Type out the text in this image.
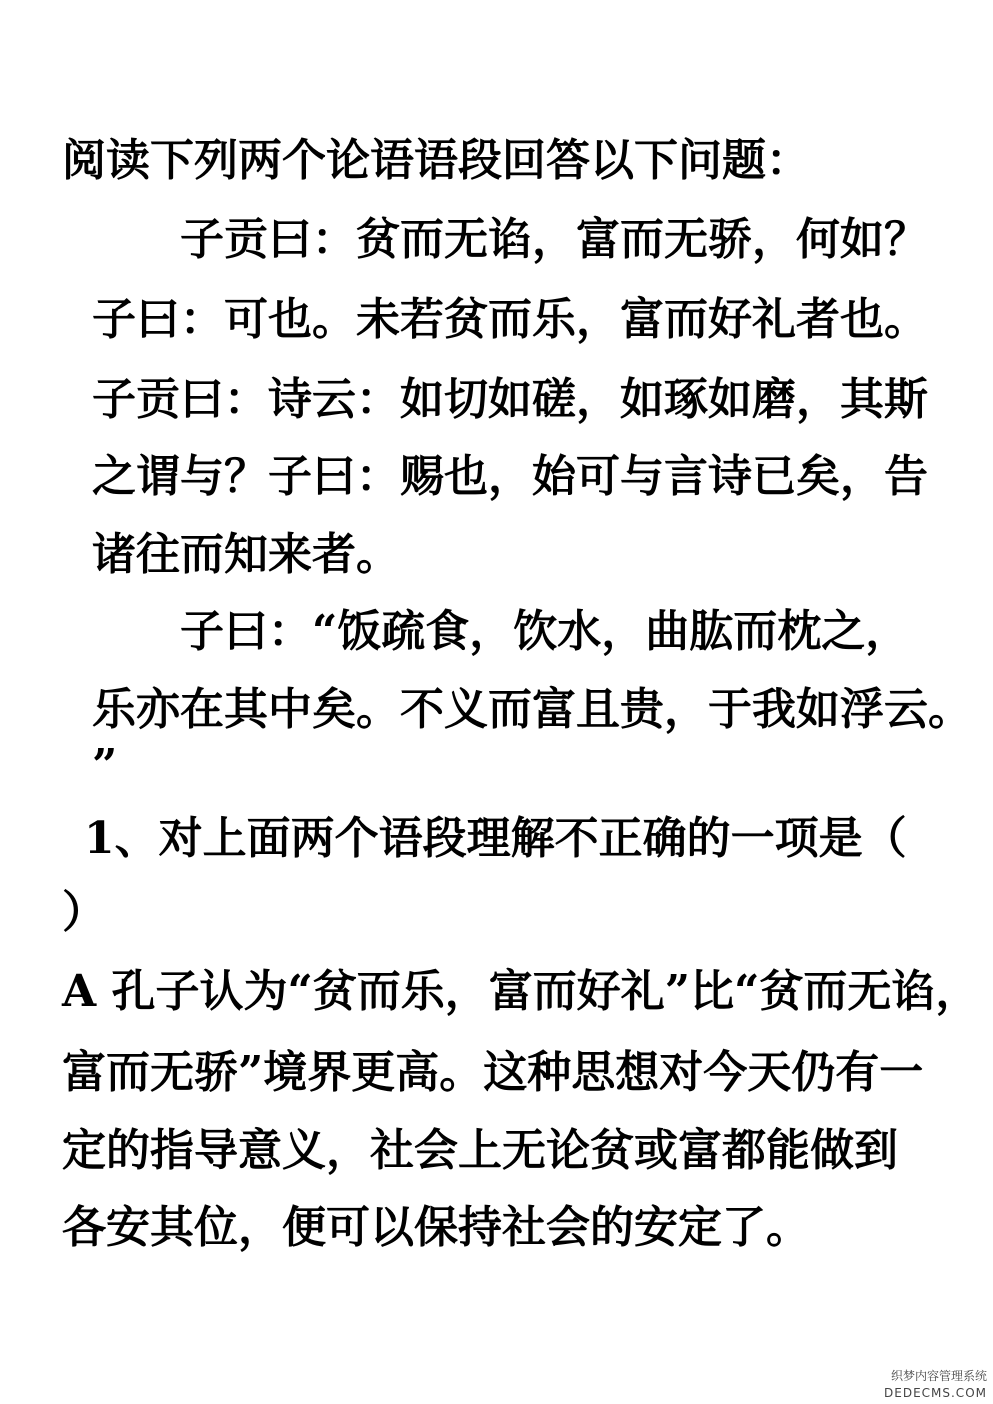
阅读下列两个论语语段回答以下问题：
子贡曰：贫而无谄，富而无骄，何如？
子曰：可也。未若贫而乐，富而好礼者也。
子贡曰：诗云：如切如磋，如琢如磨，其斯
之谓与？子曰：赐也，始可与言诗已矣，告
诸往而知来者。
子曰：“饭疏食，饮水，曲肱而枕之，
乐亦在其中矣。不义而富且贵，于我如浮云。
”
1、对上面两个语段理解不正确的一项是（
）
A 孔子认为“贫而乐，富而好礼”比“贫而无谄，
富而无骄”境界更高。这种思想对今天仍有一
定的指导意义，社会上无论贫或富都能做到
各安其位，便可以保持社会的安定了。
织梦内容管理系统
DEDECMS.COM
